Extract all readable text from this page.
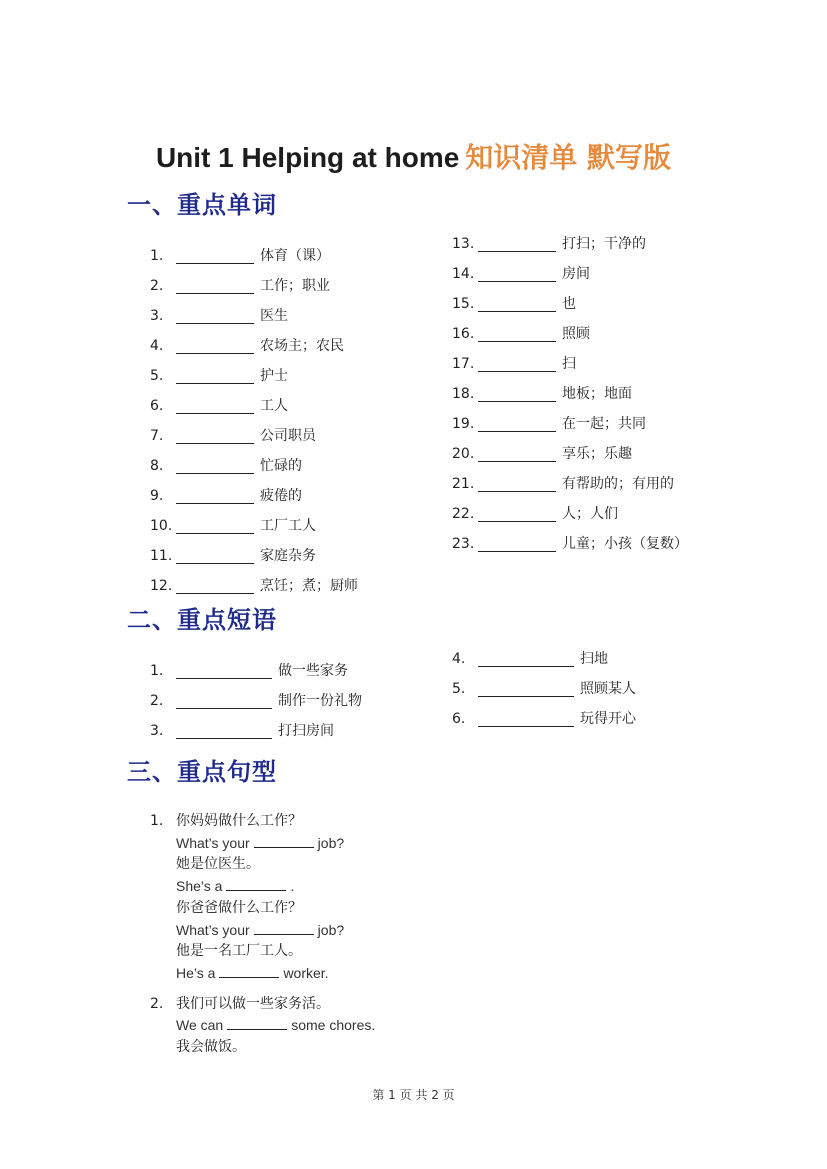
Unit 1 Helping at home 知识清单 默写版
一、重点单词
1.	体育（课）
2.	工作；职业
3.	医生
4.	农场主；农民
5.	护士
6.	工人
7.	公司职员
8.	忙碌的
9.	疲倦的
10.	工厂工人
11.	家庭杂务
12.	烹饪；煮；厨师
13.	打扫；干净的
14.	房间
15.	也
16.	照顾
17.	扫
18.	地板；地面
19.	在一起；共同
20.	享乐；乐趣
21.	有帮助的；有用的
22.	人；人们
23.	儿童；小孩（复数）
二、重点短语
1.	做一些家务
2.	制作一份礼物
3.	打扫房间
4.	扫地
5.	照顾某人
6.	玩得开心
三、重点句型
1. 你妈妈做什么工作？
What’s your	job?
她是位医生。
She’s a	.
你爸爸做什么工作？
What’s your	job?
他是一名工厂工人。
He’s a	worker.
2. 我们可以做一些家务活。
We can	some chores.
我会做饭。
第 1 页 共 2 页
